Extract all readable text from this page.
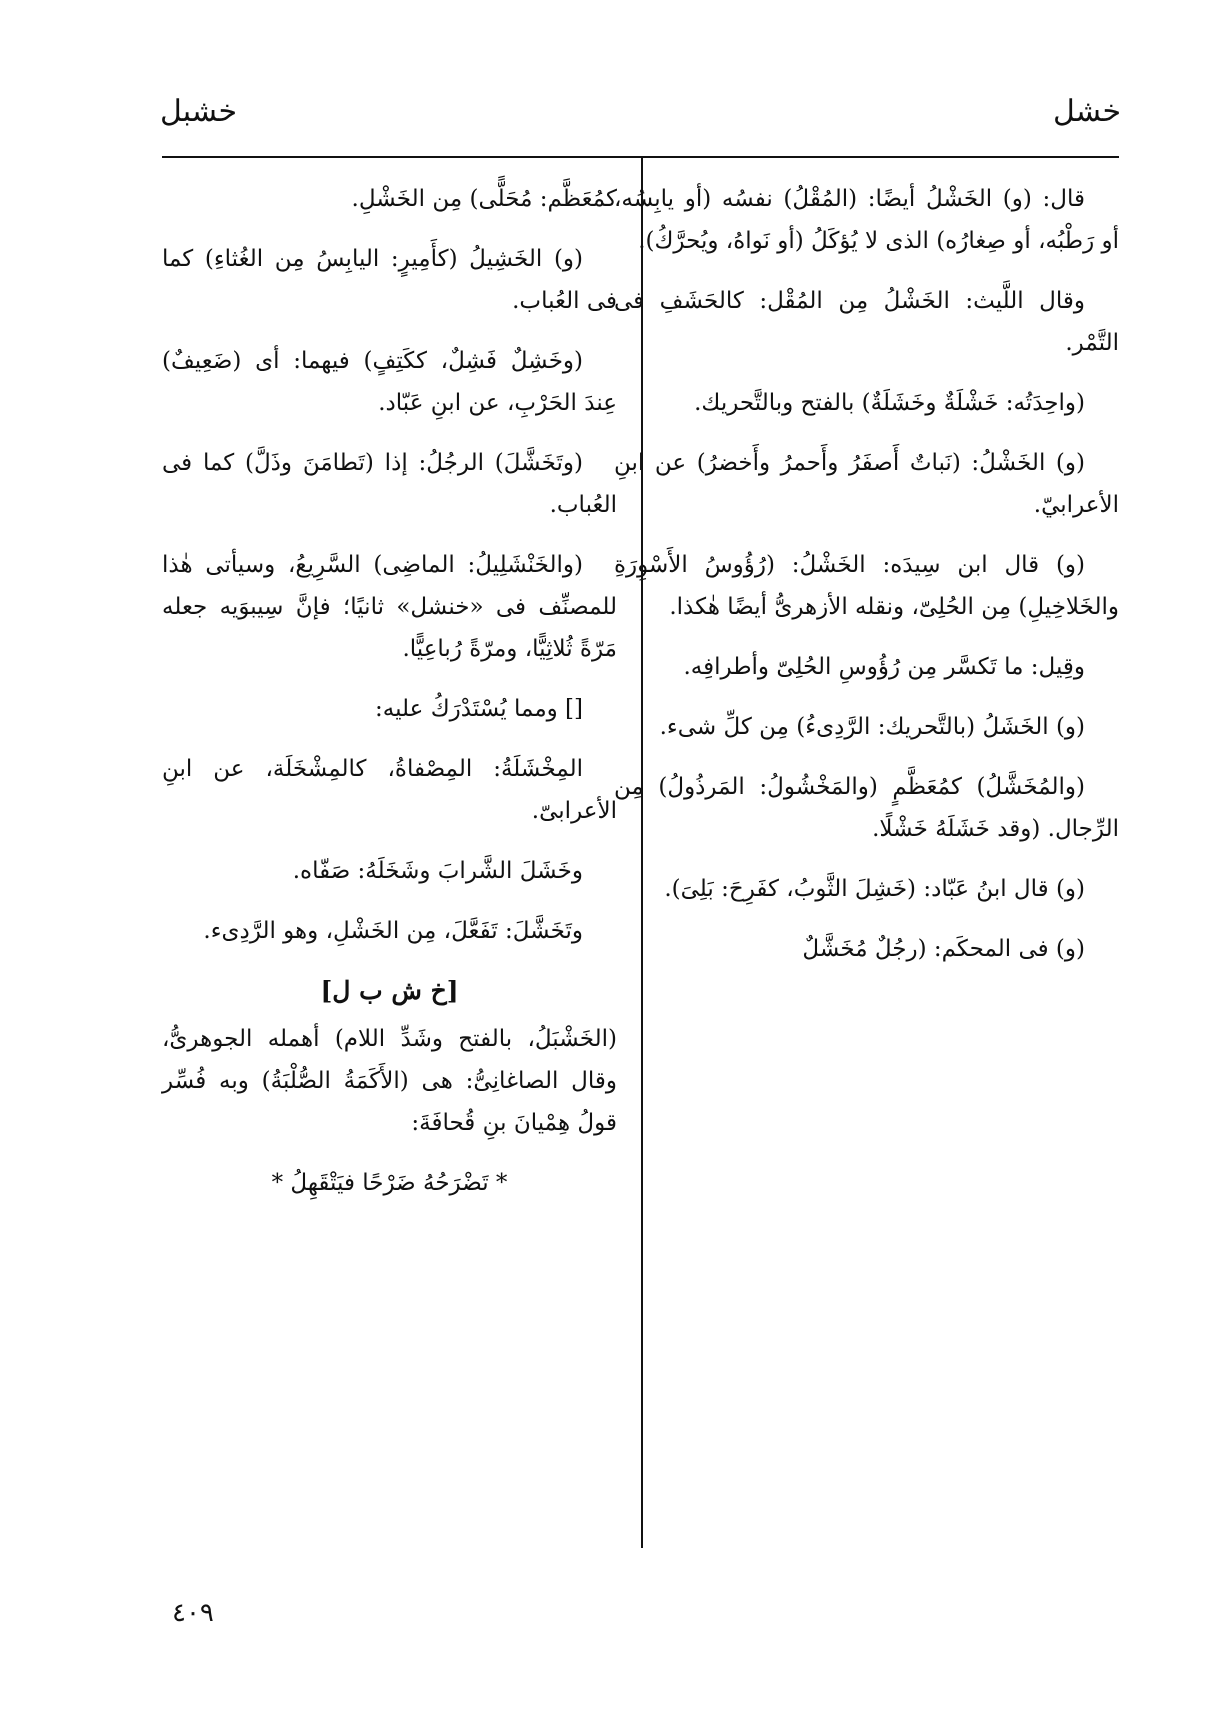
خشل
خشبل

قال: (و) الخَشْلُ أيضًا: (المُقْلُ) نفسُه (أو يابِسُه، أو رَطْبُه، أو صِغارُه) الذى لا يُؤكَلُ (أو نَواهُ، ويُحرَّكُ).

وقال اللَّيث: الخَشْلُ مِن المُقْل: كالحَشَفِ فى التَّمْر.

(واحِدَتُه: خَشْلَةٌ وخَشَلَةٌ) بالفتح وبالتَّحريك.

(و) الخَشْلُ: (نَباتٌ أَصفَرُ وأَحمرُ وأَخضرُ) عن ابنِ الأعرابيّ.

(و) قال ابن سِيدَه: الخَشْلُ: (رُؤُوسُ الأَسْوِرَةِ والخَلاخِيلِ) مِن الحُلِىّ، ونقله الأزهرىُّ أيضًا هٰكذا.

وقِيل: ما تَكسَّر مِن رُؤُوسِ الحُلِىّ وأطرافِه.

(و) الخَشَلُ (بالتَّحريك: الرَّدِىءُ) مِن كلِّ شىء.

(والمُخَشَّلُ) كمُعَظَّمٍ (والمَخْشُولُ: المَرذُولُ) مِن الرِّجال. (وقد خَشَلَهُ خَشْلًا.

(و) قال ابنُ عَبّاد: (خَشِلَ الثَّوبُ، كفَرِحَ: بَلِىَ).

(و) فى المحكَم: (رجُلٌ مُخَشَّلٌ

كمُعَظَّم: مُحَلًّى) مِن الخَشْلِ.

(و) الخَشِيلُ (كأَمِيرٍ: اليابِسُ مِن الغُثاءِ) كما فى العُباب.

(وخَشِلٌ فَشِلٌ، ككَتِفٍ) فيهما: أى (ضَعِيفٌ) عِندَ الحَرْبِ، عن ابنِ عَبّاد.

(وتَخَشَّلَ) الرجُلُ: إذا (تَطامَنَ وذَلَّ) كما فى العُباب.

(والخَنْشَلِيلُ: الماضِى) السَّرِيعُ، وسيأتى هٰذا للمصنِّف فى «خنشل» ثانيًا؛ فإنَّ سِيبوَيه جعله مَرّةً ثُلاثِيًّا، ومرّةً رُباعِيًّا.

[] ومما يُسْتَدْرَكُ عليه:

المِخْشَلَةُ: المِصْفاةُ، كالمِشْخَلَة، عن ابنِ الأعرابىّ.

وخَشَلَ الشَّرابَ وشَخَلَهُ: صَفّاه.

وتَخَشَّلَ: تَفَعَّلَ، مِن الخَشْلِ، وهو الرَّدِىء.

[خ ش ب ل]

(الخَشْبَلُ، بالفتح وشَدِّ اللام) أهمله الجوهرىُّ، وقال الصاغانِىُّ: هى (الأَكَمَةُ الصُّلْبَةُ) وبه فُسِّر قولُ هِمْيانَ بنِ قُحافَةَ:

* تَضْرَحُهُ ضَرْحًا فيَتْقَهِلُ *
٤٠٩
